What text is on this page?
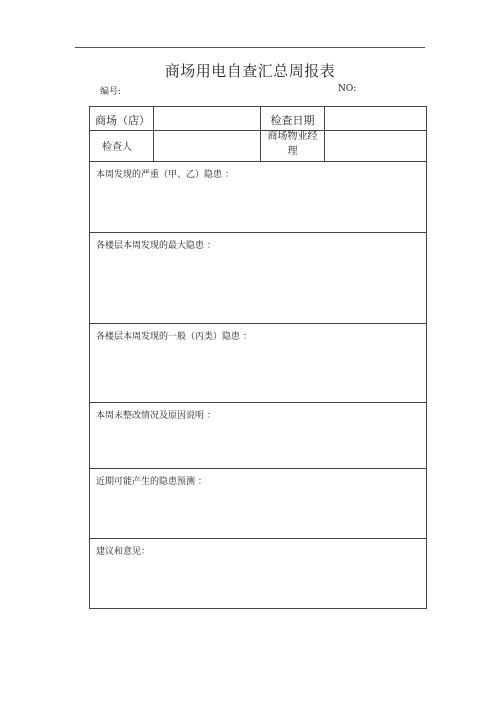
商场用电自查汇总周报表
编号:	NO:
商场（店）	检查日期
检查人
商场物业经
理
本周发现的严重（甲、乙）隐患 ：
各楼层本周发现的最大隐患 ：
各楼层本周发现的一般（丙类）隐患 ：
本周未整改情况及原因说明 ：
近期可能产生的隐患预测 ：
建议和意见：
